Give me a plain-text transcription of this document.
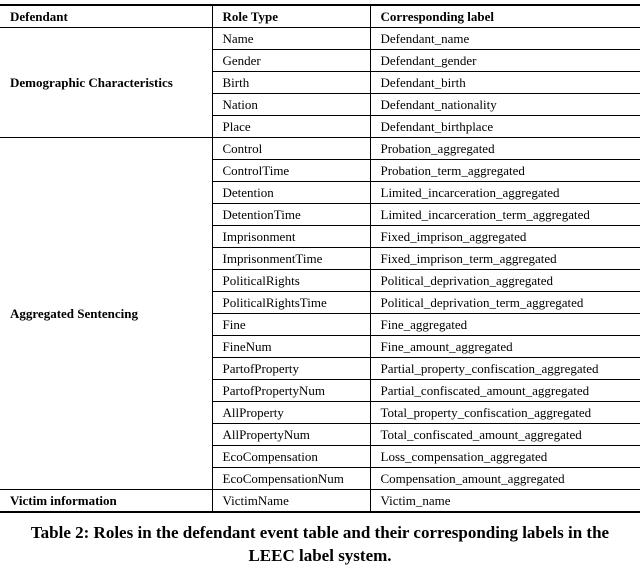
Defendant	Role Type	Corresponding label
Demographic Characteristics	Name	Defendant_name
	Gender	Defendant_gender
	Birth	Defendant_birth
	Nation	Defendant_nationality
	Place	Defendant_birthplace
Aggregated Sentencing	Control	Probation_aggregated
	ControlTime	Probation_term_aggregated
	Detention	Limited_incarceration_aggregated
	DetentionTime	Limited_incarceration_term_aggregated
	Imprisonment	Fixed_imprison_aggregated
	ImprisonmentTime	Fixed_imprison_term_aggregated
	PoliticalRights	Political_deprivation_aggregated
	PoliticalRightsTime	Political_deprivation_term_aggregated
	Fine	Fine_aggregated
	FineNum	Fine_amount_aggregated
	PartofProperty	Partial_property_confiscation_aggregated
	PartofPropertyNum	Partial_confiscated_amount_aggregated
	AllProperty	Total_property_confiscation_aggregated
	AllPropertyNum	Total_confiscated_amount_aggregated
	EcoCompensation	Loss_compensation_aggregated
	EcoCompensationNum	Compensation_amount_aggregated
Victim information	VictimName	Victim_name
Table 2: Roles in the defendant event table and their corresponding labels in the LEEC label system.
